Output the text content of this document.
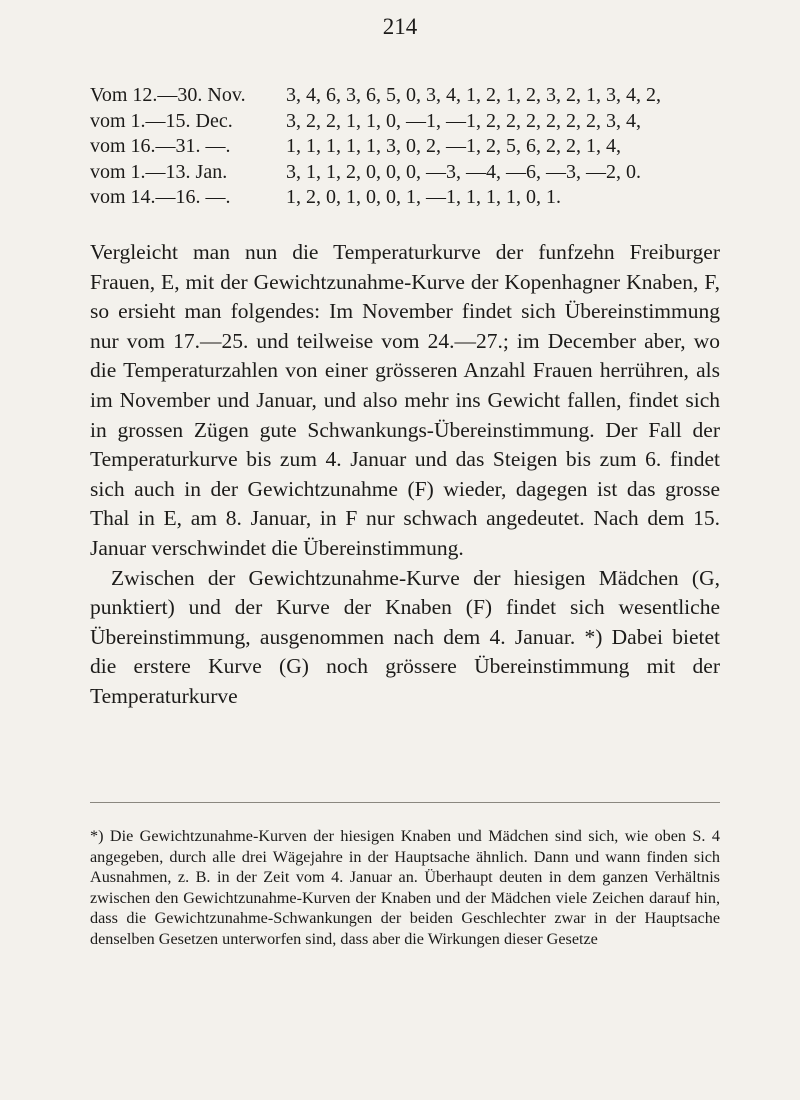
214
Vom 12.—30. Nov. 3, 4, 6, 3, 6, 5, 0, 3, 4, 1, 2, 1, 2, 3, 2, 1, 3, 4, 2,
vom 1.—15. Dec.	3, 2, 2, 1, 1, 0, —1, —1, 2, 2, 2, 2, 2, 2, 3, 4,
vom 16.—31. —.	1, 1, 1, 1, 1, 3, 0, 2, —1, 2, 5, 6, 2, 2, 1, 4,
vom 1.—13. Jan.	3, 1, 1, 2, 0, 0, 0, —3, —4, —6, —3, —2, 0.
vom 14.—16. —.	1, 2, 0, 1, 0, 0, 1, —1, 1, 1, 1, 0, 1.

Vergleicht man nun die Temperaturkurve der funfzehn Freiburger Frauen, E, mit der Gewichtzunahme-Kurve der Kopenhagner Knaben, F, so ersieht man folgendes: Im November findet sich Übereinstimmung nur vom 17.—25. und teilweise vom 24.—27.; im December aber, wo die Temperaturzahlen von einer grösseren Anzahl Frauen herrühren, als im November und Januar, und also mehr ins Gewicht fallen, findet sich in grossen Zügen gute Schwankungs-Übereinstimmung. Der Fall der Temperaturkurve bis zum 4. Januar und das Steigen bis zum 6. findet sich auch in der Gewichtzunahme (F) wieder, dagegen ist das grosse Thal in E, am 8. Januar, in F nur schwach angedeutet. Nach dem 15. Januar verschwindet die Übereinstimmung.

Zwischen der Gewichtzunahme-Kurve der hiesigen Mädchen (G, punktiert) und der Kurve der Knaben (F) findet sich wesentliche Übereinstimmung, ausgenommen nach dem 4. Januar. *) Dabei bietet die erstere Kurve (G) noch grössere Übereinstimmung mit der Temperaturkurve

*) Die Gewichtzunahme-Kurven der hiesigen Knaben und Mädchen sind sich, wie oben S. 4 angegeben, durch alle drei Wägejahre in der Hauptsache ähnlich. Dann und wann finden sich Ausnahmen, z. B. in der Zeit vom 4. Januar an. Überhaupt deuten in dem ganzen Verhältnis zwischen den Gewichtzunahme-Kurven der Knaben und der Mädchen viele Zeichen darauf hin, dass die Gewichtzunahme-Schwankungen der beiden Geschlechter zwar in der Hauptsache denselben Gesetzen unterworfen sind, dass aber die Wirkungen dieser Gesetze
